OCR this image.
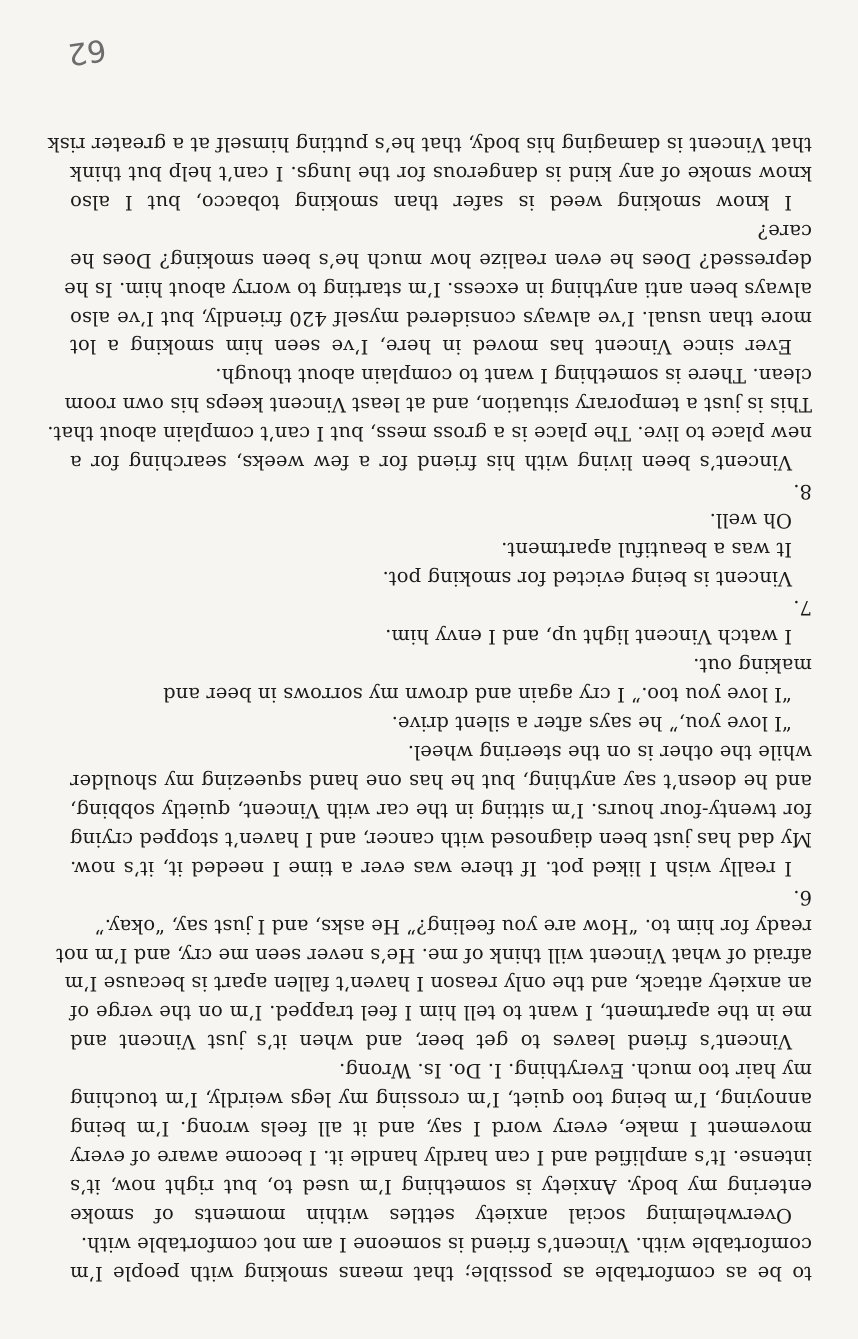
to be as comfortable as possible; that means smoking with people I’m
comfortable with. Vincent’s friend is someone I am not comfortable with.
Overwhelming social anxiety settles within moments of smoke
entering my body. Anxiety is something I’m used to, but right now, it’s
intense. It’s amplified and I can hardly handle it. I become aware of every
movement I make, every word I say, and it all feels wrong. I’m being
annoying, I’m being too quiet, I’m crossing my legs weirdly, I’m touching
my hair too much. Everything. I. Do. Is. Wrong.
Vincent’s friend leaves to get beer, and when it’s just Vincent and
me in the apartment, I want to tell him I feel trapped. I’m on the verge of
an anxiety attack, and the only reason I haven’t fallen apart is because I’m
afraid of what Vincent will think of me. He’s never seen me cry, and I’m not
ready for him to. “How are you feeling?” He asks, and I just say, “okay.”
6.
I really wish I liked pot. If there was ever a time I needed it, it’s now.
My dad has just been diagnosed with cancer, and I haven’t stopped crying
for twenty-four hours. I’m sitting in the car with Vincent, quietly sobbing,
and he doesn’t say anything, but he has one hand squeezing my shoulder
while the other is on the steering wheel.
“I love you,” he says after a silent drive.
“I love you too.” I cry again and drown my sorrows in beer and
making out.
I watch Vincent light up, and I envy him.
7.
Vincent is being evicted for smoking pot.
It was a beautiful apartment.
Oh well.
8.
Vincent’s been living with his friend for a few weeks, searching for a
new place to live. The place is a gross mess, but I can’t complain about that.
This is just a temporary situation, and at least Vincent keeps his own room
clean. There is something I want to complain about though.
Ever since Vincent has moved in here, I’ve seen him smoking a lot
more than usual. I’ve always considered myself 420 friendly, but I’ve also
always been anti anything in excess. I’m starting to worry about him. Is he
depressed? Does he even realize how much he’s been smoking? Does he
care?
I know smoking weed is safer than smoking tobacco, but I also
know smoke of any kind is dangerous for the lungs. I can’t help but think
that Vincent is damaging his body, that he’s putting himself at a greater risk
62
